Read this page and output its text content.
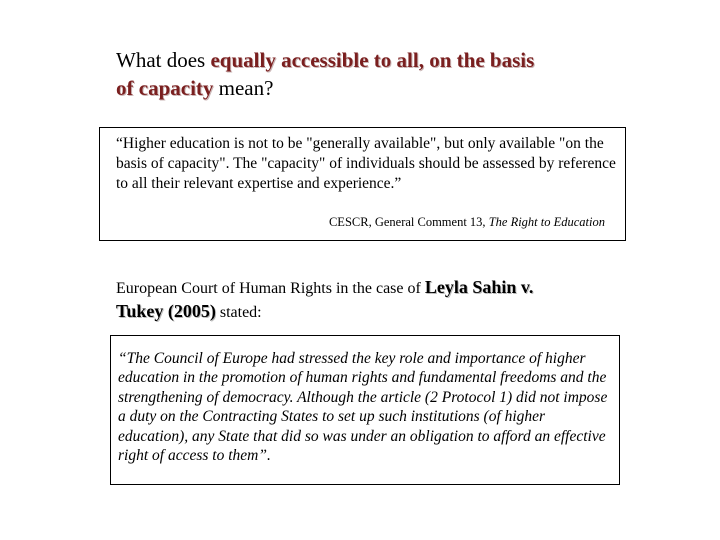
What does equally accessible to all, on the basis
of capacity mean?
“Higher education is not to be "generally available", but only available "on the basis of capacity". The "capacity" of individuals should be assessed by reference to all their relevant expertise and experience.”
CESCR, General Comment 13, The Right to Education
European Court of Human Rights in the case of Leyla Sahin v.
Tukey (2005) stated:
“The Council of Europe had stressed the key role and importance of higher education in the promotion of human rights and fundamental freedoms and the strengthening of democracy. Although the article (2 Protocol 1) did not impose a duty on the Contracting States to set up such institutions (of higher education), any State that did so was under an obligation to afford an effective right of access to them”.
